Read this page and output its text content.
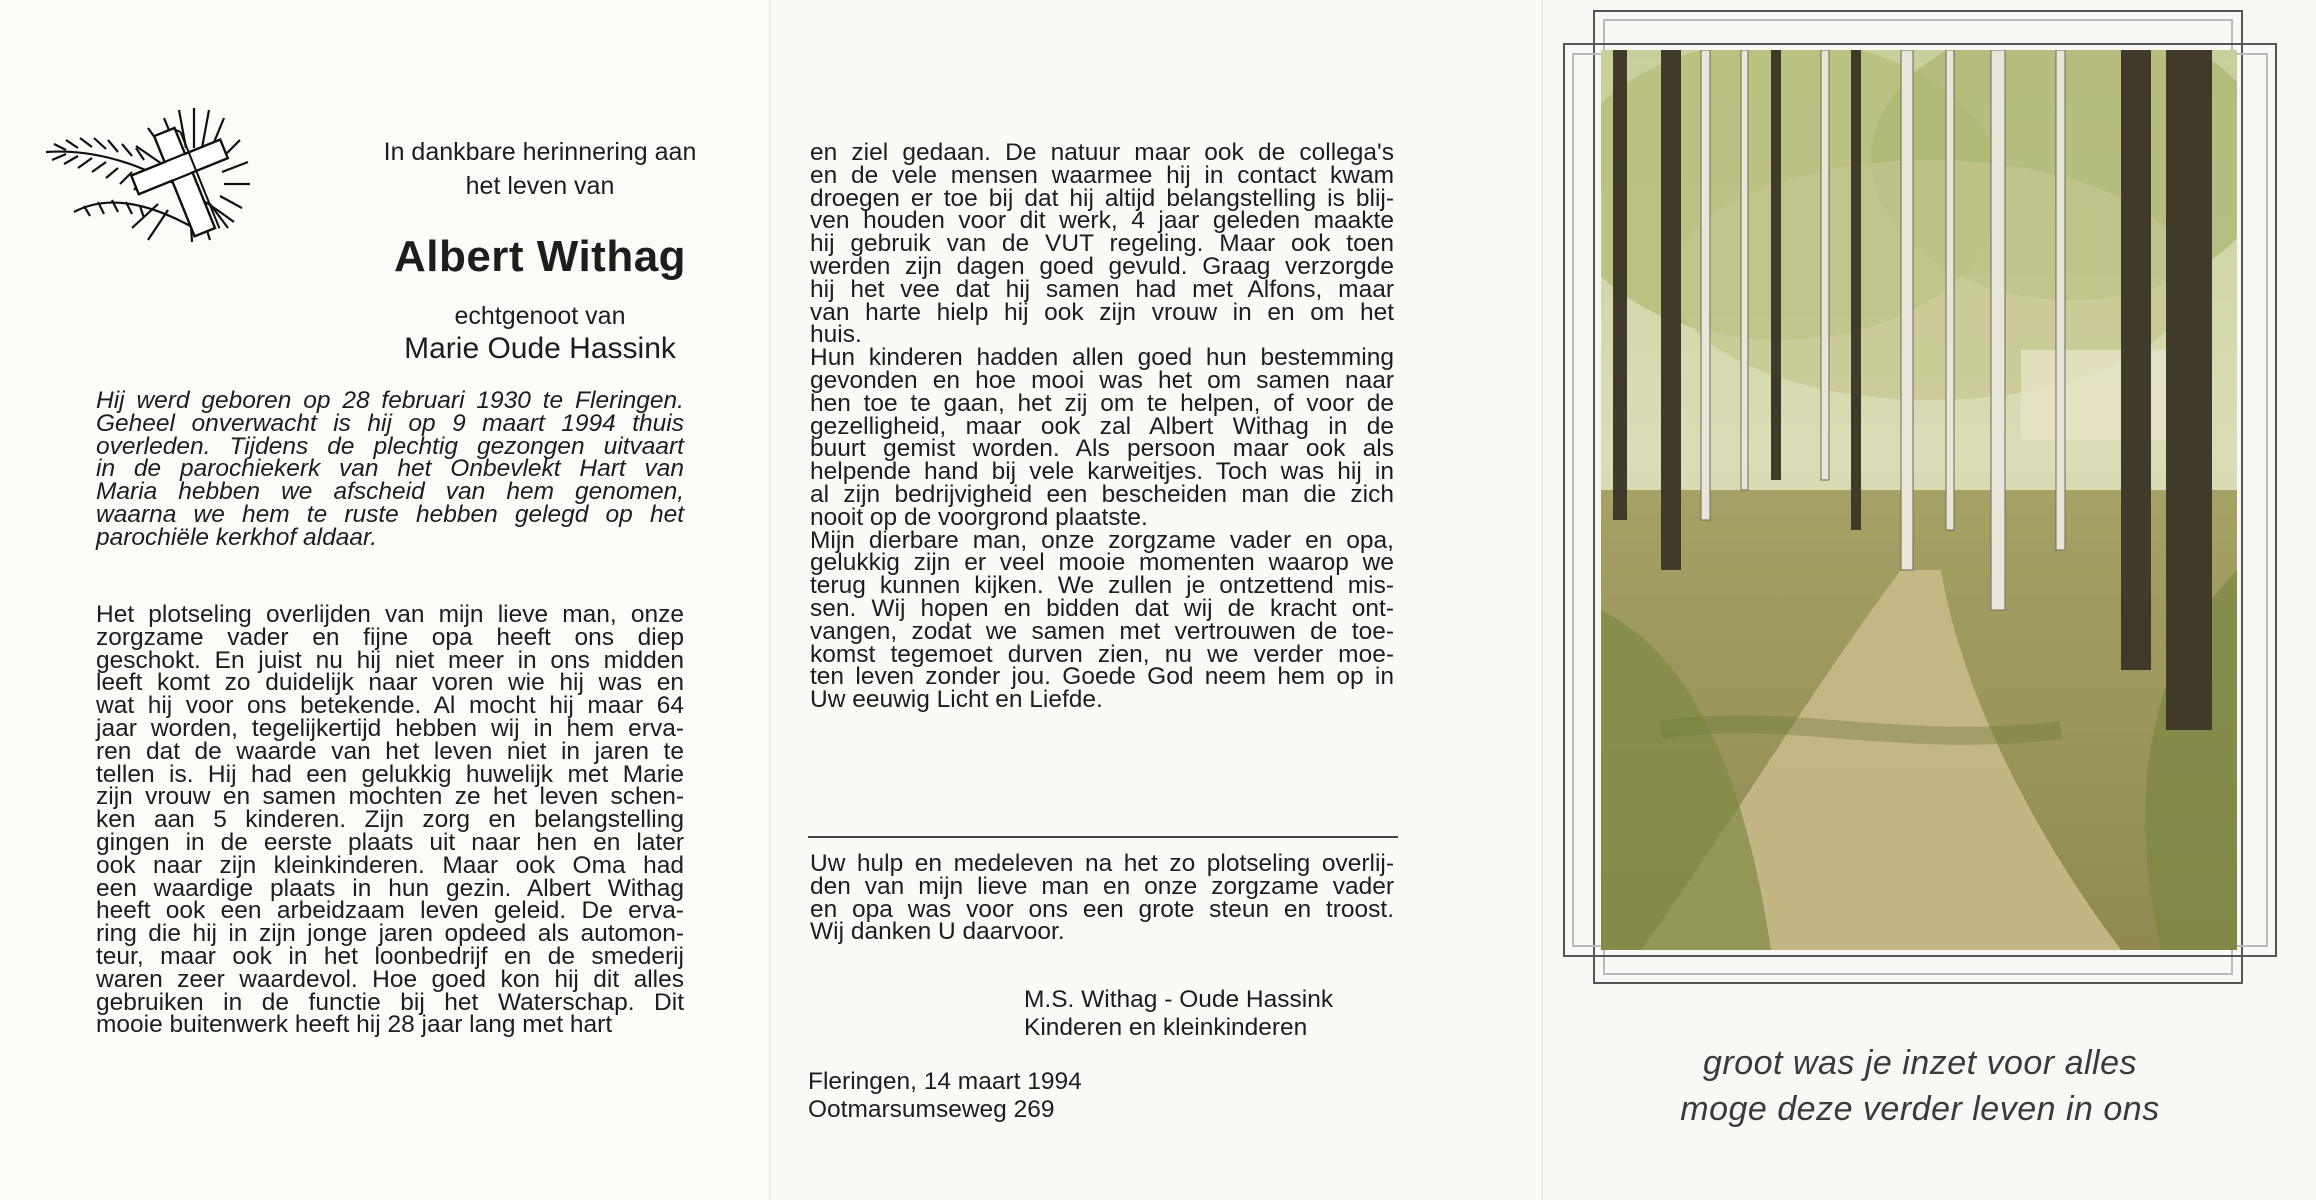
In dankbare herinnering aan
het leven van
Albert Withag
echtgenoot van
Marie Oude Hassink
Hij werd geboren op 28 februari 1930 te Fleringen.
Geheel onverwacht is hij op 9 maart 1994 thuis
overleden. Tijdens de plechtig gezongen uitvaart
in de parochiekerk van het Onbevlekt Hart van
Maria hebben we afscheid van hem genomen,
waarna we hem te ruste hebben gelegd op het
parochiële kerkhof aldaar.
Het plotseling overlijden van mijn lieve man, onze
zorgzame vader en fijne opa heeft ons diep
geschokt. En juist nu hij niet meer in ons midden
leeft komt zo duidelijk naar voren wie hij was en
wat hij voor ons betekende. Al mocht hij maar 64
jaar worden, tegelijkertijd hebben wij in hem erva-
ren dat de waarde van het leven niet in jaren te
tellen is. Hij had een gelukkig huwelijk met Marie
zijn vrouw en samen mochten ze het leven schen-
ken aan 5 kinderen. Zijn zorg en belangstelling
gingen in de eerste plaats uit naar hen en later
ook naar zijn kleinkinderen. Maar ook Oma had
een waardige plaats in hun gezin. Albert Withag
heeft ook een arbeidzaam leven geleid. De erva-
ring die hij in zijn jonge jaren opdeed als automon-
teur, maar ook in het loonbedrijf en de smederij
waren zeer waardevol. Hoe goed kon hij dit alles
gebruiken in de functie bij het Waterschap. Dit
mooie buitenwerk heeft hij 28 jaar lang met hart
en ziel gedaan. De natuur maar ook de collega's
en de vele mensen waarmee hij in contact kwam
droegen er toe bij dat hij altijd belangstelling is blij-
ven houden voor dit werk, 4 jaar geleden maakte
hij gebruik van de VUT regeling. Maar ook toen
werden zijn dagen goed gevuld. Graag verzorgde
hij het vee dat hij samen had met Alfons, maar
van harte hielp hij ook zijn vrouw in en om het
huis.
Hun kinderen hadden allen goed hun bestemming
gevonden en hoe mooi was het om samen naar
hen toe te gaan, het zij om te helpen, of voor de
gezelligheid, maar ook zal Albert Withag in de
buurt gemist worden. Als persoon maar ook als
helpende hand bij vele karweitjes. Toch was hij in
al zijn bedrijvigheid een bescheiden man die zich
nooit op de voorgrond plaatste.
Mijn dierbare man, onze zorgzame vader en opa,
gelukkig zijn er veel mooie momenten waarop we
terug kunnen kijken. We zullen je ontzettend mis-
sen. Wij hopen en bidden dat wij de kracht ont-
vangen, zodat we samen met vertrouwen de toe-
komst tegemoet durven zien, nu we verder moe-
ten leven zonder jou. Goede God neem hem op in
Uw eeuwig Licht en Liefde.
Uw hulp en medeleven na het zo plotseling overlij-
den van mijn lieve man en onze zorgzame vader
en opa was voor ons een grote steun en troost.
Wij danken U daarvoor.
M.S. Withag - Oude Hassink
Kinderen en kleinkinderen
Fleringen, 14 maart 1994
Ootmarsumseweg 269
groot was je inzet voor alles
moge deze verder leven in ons
